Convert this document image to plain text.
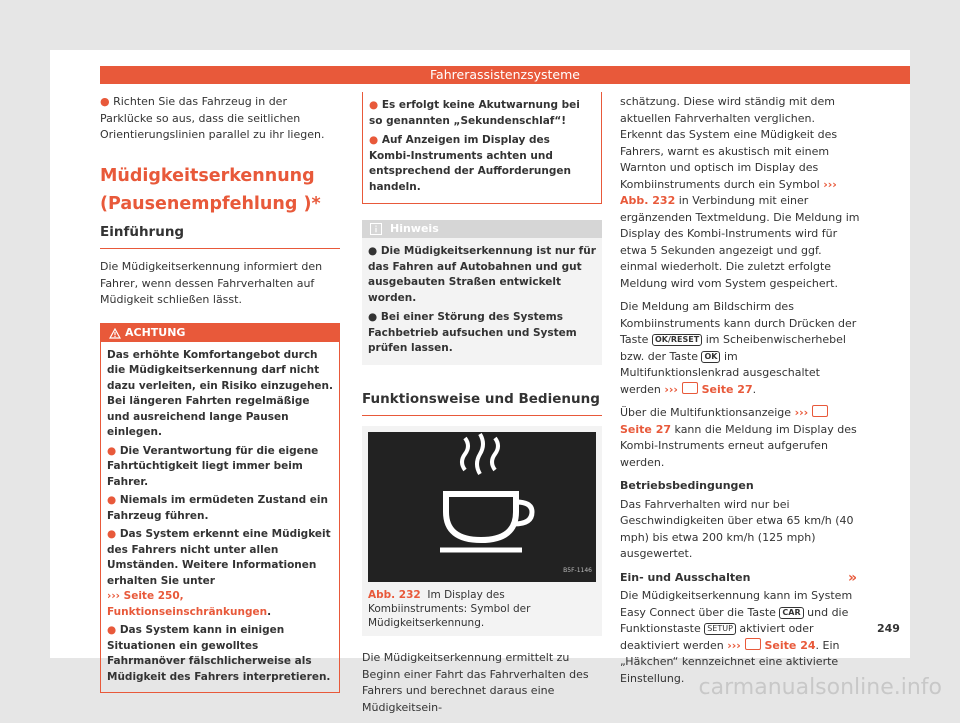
Fahrerassistenzsysteme

● Richten Sie das Fahrzeug in der Parklücke so aus, dass die seitlichen Orientierungslinien parallel zu ihr liegen.

Müdigkeitserkennung (Pausenempfehlung )*
Einführung

Die Müdigkeitserkennung informiert den Fahrer, wenn dessen Fahrverhalten auf Müdigkeit schließen lässt.

ACHTUNG

Das erhöhte Komfortangebot durch die Müdigkeitserkennung darf nicht dazu verleiten, ein Risiko einzugehen. Bei längeren Fahrten regelmäßige und ausreichend lange Pausen einlegen.

● Die Verantwortung für die eigene Fahrtüchtigkeit liegt immer beim Fahrer.

● Niemals im ermüdeten Zustand ein Fahrzeug führen.

● Das System erkennt eine Müdigkeit des Fahrers nicht unter allen Umständen. Weitere Informationen erhalten Sie unter
››› Seite 250, Funktionseinschränkungen.

● Das System kann in einigen Situationen ein gewolltes Fahrmanöver fälschlicherweise als Müdigkeit des Fahrers interpretieren.

● Es erfolgt keine Akutwarnung bei so genannten „Sekundenschlaf“!

● Auf Anzeigen im Display des Kombi-Instruments achten und entsprechend der Aufforderungen handeln.

Hinweis

● Die Müdigkeitserkennung ist nur für das Fahren auf Autobahnen und gut ausgebauten Straßen entwickelt worden.

● Bei einer Störung des Systems Fachbetrieb aufsuchen und System prüfen lassen.

Funktionsweise und Bedienung
B5F-1146
Abb. 232 Im Display des Kombiinstruments: Symbol der Müdigkeitserkennung.

Die Müdigkeitserkennung ermittelt zu Beginn einer Fahrt das Fahrverhalten des Fahrers und berechnet daraus eine Müdigkeitsein-

schätzung. Diese wird ständig mit dem aktuellen Fahrverhalten verglichen. Erkennt das System eine Müdigkeit des Fahrers, warnt es akustisch mit einem Warnton und optisch im Display des Kombiinstruments durch ein Symbol ››› Abb. 232 in Verbindung mit einer ergänzenden Textmeldung. Die Meldung im Display des Kombi-Instruments wird für etwa 5 Sekunden angezeigt und ggf. einmal wiederholt. Die zuletzt erfolgte Meldung wird vom System gespeichert.

Die Meldung am Bildschirm des Kombiinstruments kann durch Drücken der Taste OK/RESET im Scheibenwischerhebel bzw. der Taste OK im Multifunktionslenkrad ausgeschaltet werden ›››  Seite 27.

Über die Multifunktionsanzeige ›››  Seite 27 kann die Meldung im Display des Kombi-Instruments erneut aufgerufen werden.

Betriebsbedingungen

Das Fahrverhalten wird nur bei Geschwindigkeiten über etwa 65 km/h (40 mph) bis etwa 200 km/h (125 mph) ausgewertet.

Ein- und Ausschalten

Die Müdigkeitserkennung kann im System Easy Connect über die Taste CAR und die Funktionstaste SETUP aktiviert oder deaktiviert werden ›››  Seite 24. Ein „Häkchen“ kennzeichnet eine aktivierte Einstellung.

»
249
carmanualsonline.info
